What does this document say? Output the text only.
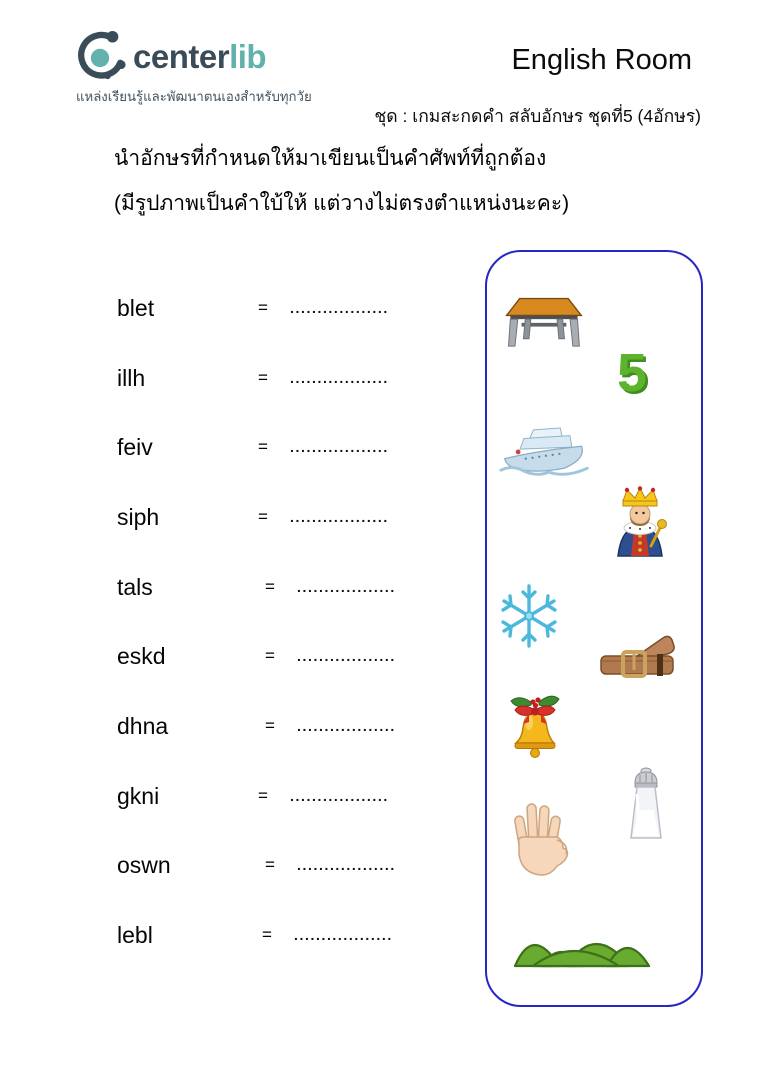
centerlib
แหล่งเรียนรู้และพัฒนาตนเองสำหรับทุกวัย
English Room
ชุด : เกมสะกดคำ สลับอักษร ชุดที่5 (4อักษร)
นำอักษรที่กำหนดให้มาเขียนเป็นคำศัพท์ที่ถูกต้อง
(มีรูปภาพเป็นคำใบ้ให้ แต่วางไม่ตรงตำแหน่งนะคะ)
blet	=	..................
illh	=	..................
feiv	=	..................
siph	=	..................
tals	=	..................
eskd	=	..................
dhna	=	..................
gkni	=	..................
oswn	=	..................
lebl	=	..................
5
